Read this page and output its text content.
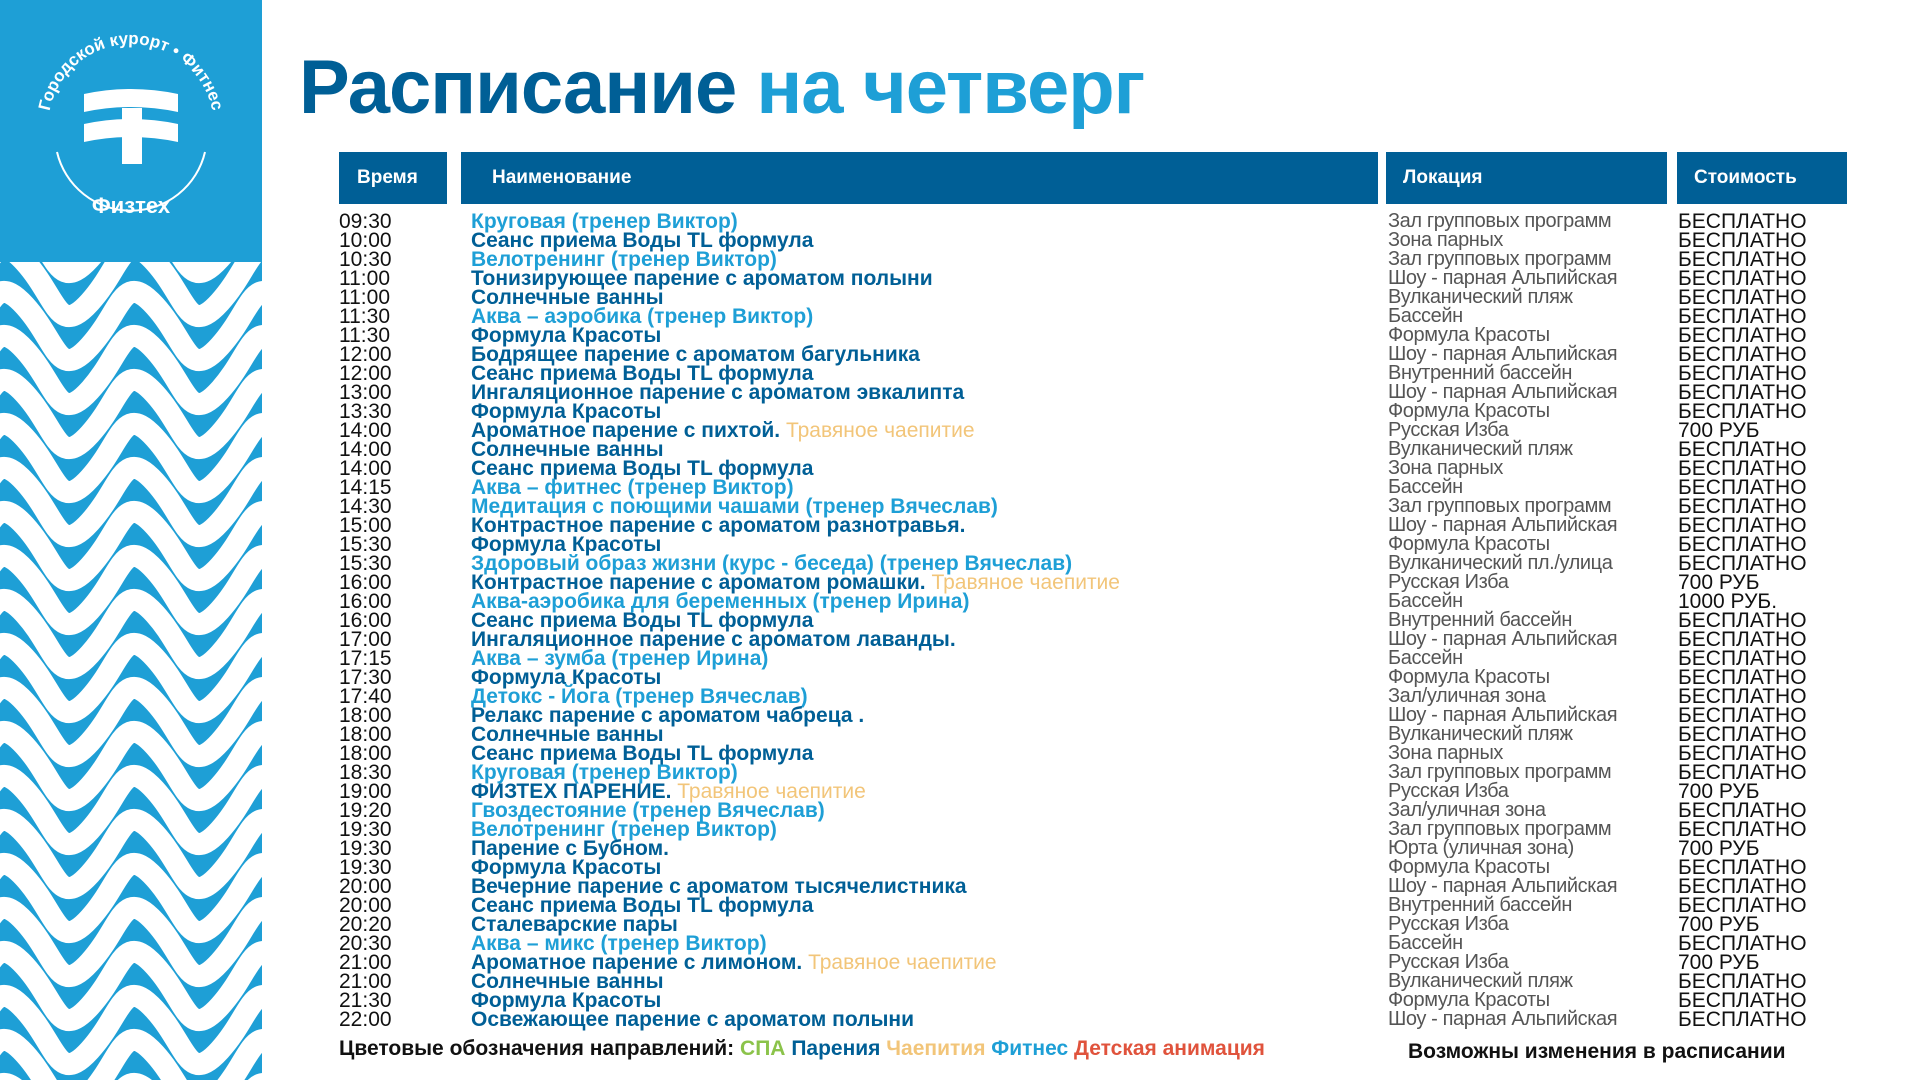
Городской курорт • Фитнес
Физтех
Расписание на четверг
Время	Наименование	Локация	Стоимость
09:30	Круговая (тренер Виктор)	Зал групповых программ	БЕСПЛАТНО
10:00	Сеанс приема Воды TL формула	Зона парных	БЕСПЛАТНО
10:30	Велотренинг (тренер Виктор)	Зал групповых программ	БЕСПЛАТНО
11:00	Тонизирующее парение с ароматом полыни	Шоу - парная Альпийская	БЕСПЛАТНО
11:00	Солнечные ванны	Вулканический пляж	БЕСПЛАТНО
11:30	Аква – аэробика (тренер Виктор)	Бассейн	БЕСПЛАТНО
11:30	Формула Красоты	Формула Красоты	БЕСПЛАТНО
12:00	Бодрящее парение с ароматом багульника	Шоу - парная Альпийская	БЕСПЛАТНО
12:00	Сеанс приема Воды TL формула	Внутренний бассейн	БЕСПЛАТНО
13:00	Ингаляционное парение с ароматом эвкалипта	Шоу - парная Альпийская	БЕСПЛАТНО
13:30	Формула Красоты	Формула Красоты	БЕСПЛАТНО
14:00	Ароматное парение с пихтой. Травяное чаепитие	Русская Изба	700 РУБ
14:00	Солнечные ванны	Вулканический пляж	БЕСПЛАТНО
14:00	Сеанс приема Воды TL формула	Зона парных	БЕСПЛАТНО
14:15	Аква – фитнес (тренер Виктор)	Бассейн	БЕСПЛАТНО
14:30	Медитация с поющими чашами (тренер Вячеслав)	Зал групповых программ	БЕСПЛАТНО
15:00	Контрастное парение с ароматом разнотравья.	Шоу - парная Альпийская	БЕСПЛАТНО
15:30	Формула Красоты	Формула Красоты	БЕСПЛАТНО
15:30	Здоровый образ жизни (курс - беседа) (тренер Вячеслав)	Вулканический пл./улица	БЕСПЛАТНО
16:00	Контрастное парение с ароматом ромашки. Травяное чаепитие	Русская Изба	700 РУБ
16:00	Аква-аэробика для беременных (тренер Ирина)	Бассейн	1000 РУБ.
16:00	Сеанс приема Воды TL формула	Внутренний бассейн	БЕСПЛАТНО
17:00	Ингаляционное парение с ароматом лаванды.	Шоу - парная Альпийская	БЕСПЛАТНО
17:15	Аква – зумба (тренер Ирина)	Бассейн	БЕСПЛАТНО
17:30	Формула Красоты	Формула Красоты	БЕСПЛАТНО
17:40	Детокс - Йога (тренер Вячеслав)	Зал/уличная зона	БЕСПЛАТНО
18:00	Релакс парение с ароматом чабреца .	Шоу - парная Альпийская	БЕСПЛАТНО
18:00	Солнечные ванны	Вулканический пляж	БЕСПЛАТНО
18:00	Сеанс приема Воды TL формула	Зона парных	БЕСПЛАТНО
18:30	Круговая (тренер Виктор)	Зал групповых программ	БЕСПЛАТНО
19:00	ФИЗТЕХ ПАРЕНИЕ. Травяное чаепитие	Русская Изба	700 РУБ
19:20	Гвоздестояние (тренер Вячеслав)	Зал/уличная зона	БЕСПЛАТНО
19:30	Велотренинг (тренер Виктор)	Зал групповых программ	БЕСПЛАТНО
19:30	Парение с Бубном.	Юрта (уличная зона)	700 РУБ
19:30	Формула Красоты	Формула Красоты	БЕСПЛАТНО
20:00	Вечерние парение с ароматом тысячелистника	Шоу - парная Альпийская	БЕСПЛАТНО
20:00	Сеанс приема Воды TL формула	Внутренний бассейн	БЕСПЛАТНО
20:20	Сталеварские пары	Русская Изба	700 РУБ
20:30	Аква – микс (тренер Виктор)	Бассейн	БЕСПЛАТНО
21:00	Ароматное парение с лимоном. Травяное чаепитие	Русская Изба	700 РУБ
21:00	Солнечные ванны	Вулканический пляж	БЕСПЛАТНО
21:30	Формула Красоты	Формула Красоты	БЕСПЛАТНО
22:00	Освежающее парение с ароматом полыни	Шоу - парная Альпийская	БЕСПЛАТНО
Цветовые обозначения направлений: СПА Парения Чаепития Фитнес Детская анимация	Возможны изменения в расписании
